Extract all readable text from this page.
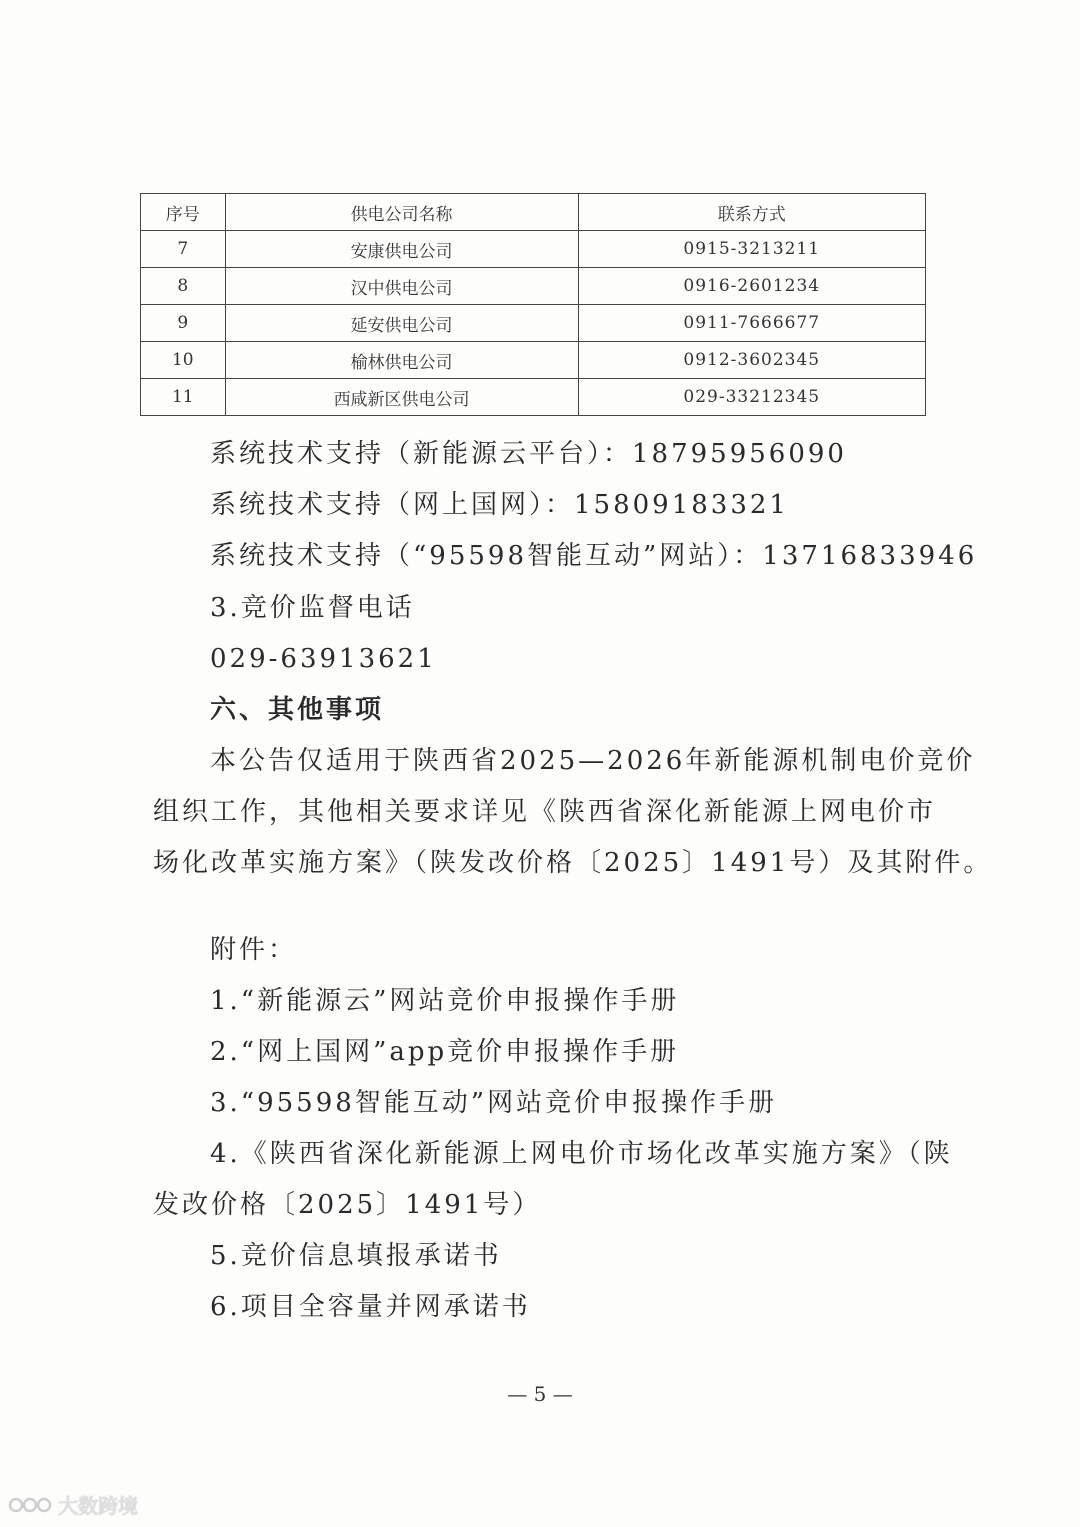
序号	供电公司名称	联系方式
7	安康供电公司	0915-3213211
8	汉中供电公司	0916-2601234
9	延安供电公司	0911-7666677
10	榆林供电公司	0912-3602345
11	西咸新区供电公司	029-33212345
系统技术支持（新能源云平台）：18795956090
系统技术支持（网上国网）：15809183321
系统技术支持（“95598智能互动”网站）：13716833946
3.竞价监督电话
029-63913621
六、其他事项
本公告仅适用于陕西省2025—2026年新能源机制电价竞价
组织工作，其他相关要求详见《陕西省深化新能源上网电价市
场化改革实施方案》（陕发改价格〔2025〕1491号）及其附件。
附件：
1.“新能源云”网站竞价申报操作手册
2.“网上国网”app竞价申报操作手册
3.“95598智能互动”网站竞价申报操作手册
4.《陕西省深化新能源上网电价市场化改革实施方案》（陕
发改价格〔2025〕1491号）
5.竞价信息填报承诺书
6.项目全容量并网承诺书
— 5 —
大数跨境
